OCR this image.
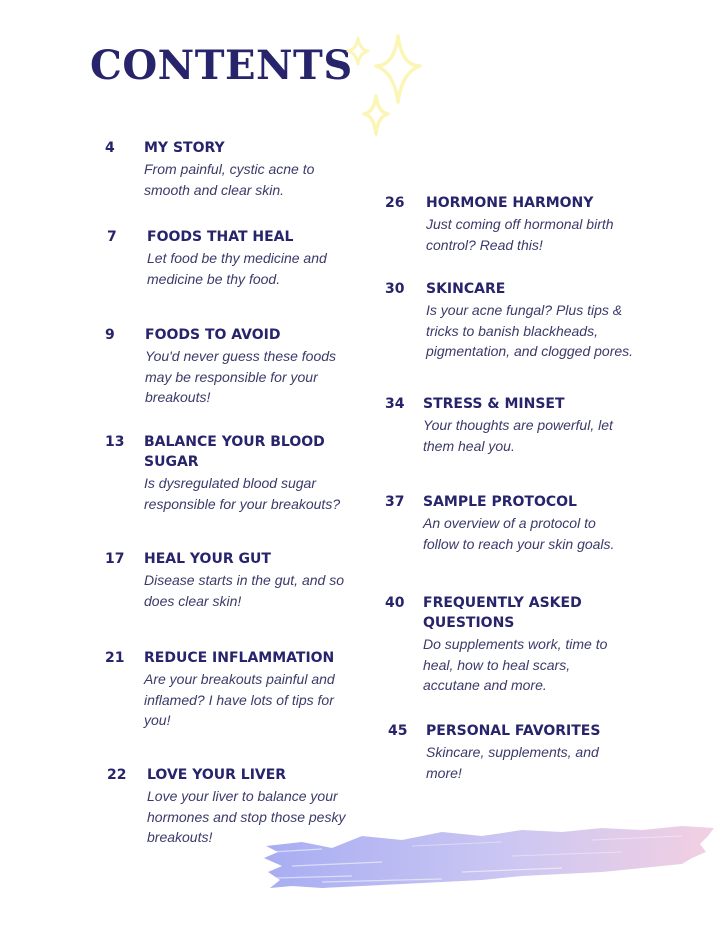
CONTENTS
4 MY STORY
From painful, cystic acne to smooth and clear skin.
7 FOODS THAT HEAL
Let food be thy medicine and medicine be thy food.
9 FOODS TO AVOID
You'd never guess these foods may be responsible for your breakouts!
13 BALANCE YOUR BLOOD SUGAR
Is dysregulated blood sugar responsible for your breakouts?
17 HEAL YOUR GUT
Disease starts in the gut, and so does clear skin!
21 REDUCE INFLAMMATION
Are your breakouts painful and inflamed? I have lots of tips for you!
22 LOVE YOUR LIVER
Love your liver to balance your hormones and stop those pesky breakouts!
26 HORMONE HARMONY
Just coming off hormonal birth control? Read this!
30 SKINCARE
Is your acne fungal? Plus tips & tricks to banish blackheads, pigmentation, and clogged pores.
34 STRESS & MINSET
Your thoughts are powerful, let them heal you.
37 SAMPLE PROTOCOL
An overview of a protocol to follow to reach your skin goals.
40 FREQUENTLY ASKED QUESTIONS
Do supplements work, time to heal, how to heal scars, accutane and more.
45 PERSONAL FAVORITES
Skincare, supplements, and more!
